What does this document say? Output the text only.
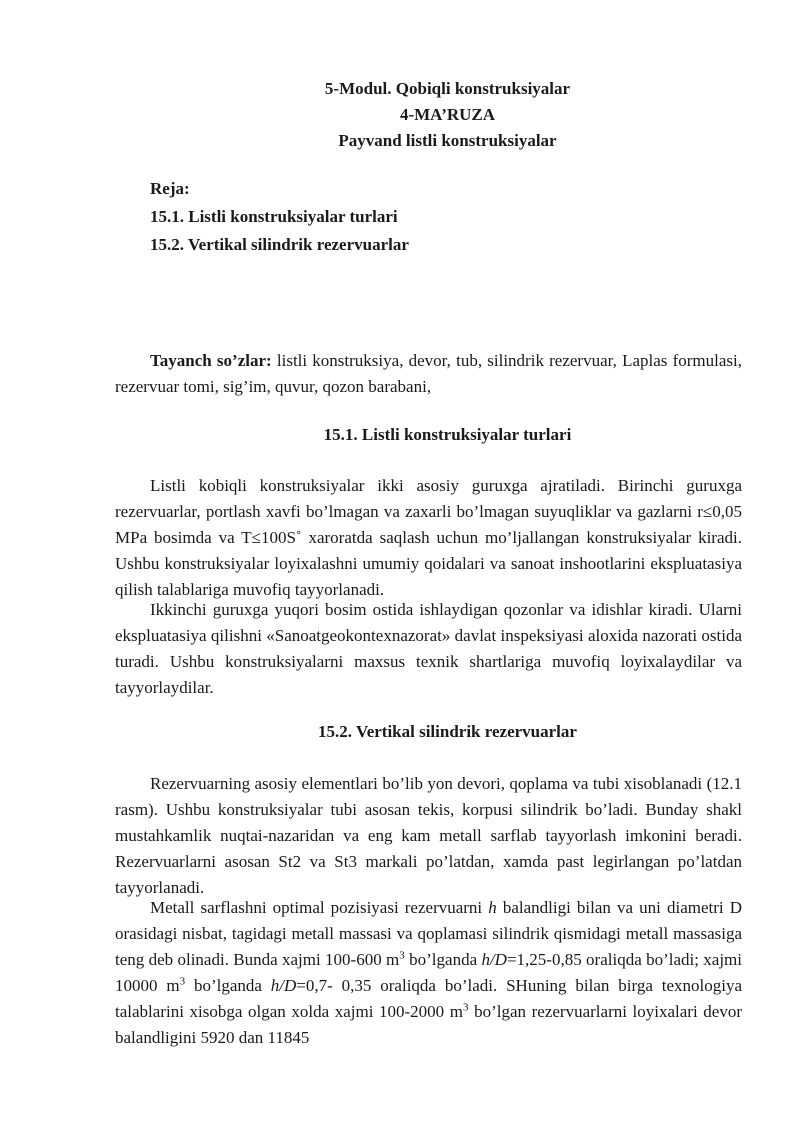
5-Modul. Qobiqli konstruksiyalar
4-MA’RUZA
Payvand listli konstruksiyalar
Reja:
15.1. Listli konstruksiyalar turlari
15.2. Vertikal silindrik rezervuarlar

Tayanch so’zlar: listli konstruksiya, devor, tub, silindrik rezervuar, Laplas formulasi, rezervuar tomi, sig’im, quvur, qozon barabani,

15.1. Listli konstruksiyalar turlari

Listli kobiqli konstruksiyalar ikki asosiy guruxga ajratiladi. Birinchi guruxga rezervuarlar, portlash xavfi bo’lmagan va zaxarli bo’lmagan suyuqliklar va gazlarni r≤0,05 MPa bosimda va T≤100S˚ xaroratda saqlash uchun mo’ljallangan konstruksiyalar kiradi. Ushbu konstruksiyalar loyixalashni umumiy qoidalari va sanoat inshootlarini ekspluatasiya qilish talablariga muvofiq tayyorlanadi.

Ikkinchi guruxga yuqori bosim ostida ishlaydigan qozonlar va idishlar kiradi. Ularni ekspluatasiya qilishni «Sanoatgeokontexnazorat» davlat inspeksiyasi aloxida nazorati ostida turadi. Ushbu konstruksiyalarni maxsus texnik shartlariga muvofiq loyixalaydilar va tayyorlaydilar.

15.2. Vertikal silindrik rezervuarlar

Rezervuarning asosiy elementlari bo’lib yon devori, qoplama va tubi xisoblanadi (12.1 rasm). Ushbu konstruksiyalar tubi asosan tekis, korpusi silindrik bo’ladi. Bunday shakl mustahkamlik nuqtai-nazaridan va eng kam metall sarflab tayyorlash imkonini beradi. Rezervuarlarni asosan St2 va St3 markali po’latdan, xamda past legirlangan po’latdan tayyorlanadi.

Metall sarflashni optimal pozisiyasi rezervuarni h balandligi bilan va uni diametri D orasidagi nisbat, tagidagi metall massasi va qoplamasi silindrik qismidagi metall massasiga teng deb olinadi. Bunda xajmi 100-600 $m^3$ bo’lganda h/D=1,25-0,85 oraliqda bo’ladi; xajmi 10000 $m^3$ bo’lganda h/D=0,7- 0,35 oraliqda bo’ladi. SHuning bilan birga texnologiya talablarini xisobga olgan xolda xajmi 100-2000 $m^3$ bo’lgan rezervuarlarni loyixalari devor balandligini 5920 dan 11845
